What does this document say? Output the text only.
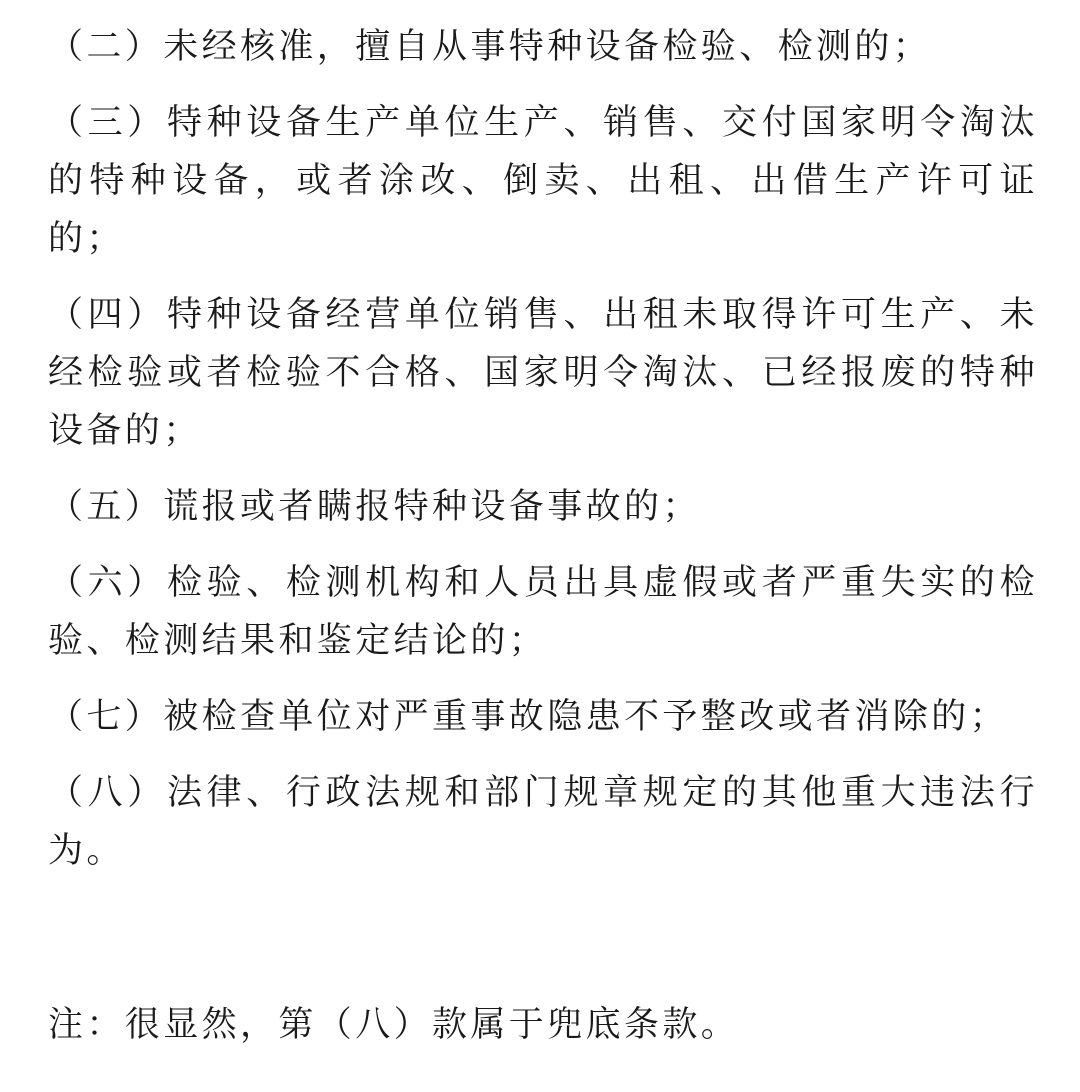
（二）未经核准，擅自从事特种设备检验、检测的；

（三）特种设备生产单位生产、销售、交付国家明令淘汰的特种设备，或者涂改、倒卖、出租、出借生产许可证的；

（四）特种设备经营单位销售、出租未取得许可生产、未经检验或者检验不合格、国家明令淘汰、已经报废的特种设备的；

（五）谎报或者瞒报特种设备事故的；

（六）检验、检测机构和人员出具虚假或者严重失实的检验、检测结果和鉴定结论的；

（七）被检查单位对严重事故隐患不予整改或者消除的；

（八）法律、行政法规和部门规章规定的其他重大违法行为。

注：很显然，第（八）款属于兜底条款。
